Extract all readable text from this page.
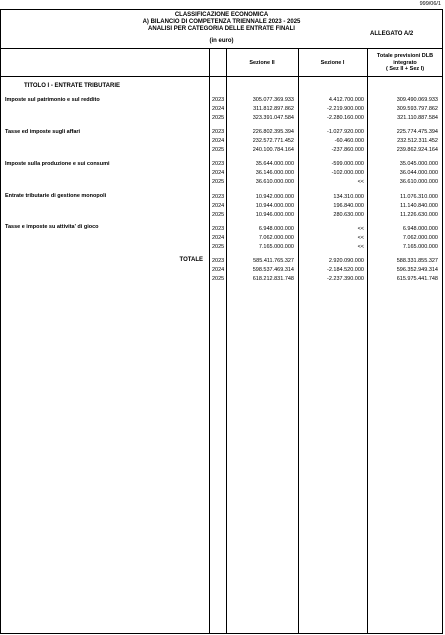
999/06/1
CLASSIFICAZIONE ECONOMICA
A) BILANCIO DI COMPETENZA TRIENNALE 2023 - 2025
ANALISI PER CATEGORIA DELLE ENTRATE FINALI
(in euro)
ALLEGATO A/2
Sezione II	Sezione I
Totale previsioni DLB
integrato
( Sez II + Sez I)
TITOLO I - ENTRATE TRIBUTARIE
Imposte sul patrimonio e sul reddito	2023	305.077.369.933	4.412.700.000	309.490.069.933
2024	311.812.897.862	-2.219.900.000	309.593.797.862
2025	323.391.047.584	-2.280.160.000	321.110.887.584
Tasse ed imposte sugli affari	2023	226.802.395.394	-1.027.920.000	225.774.475.394
2024	232.572.771.452	-60.460.000	232.512.311.452
2025	240.100.784.164	-237.860.000	239.862.924.164
Imposte sulla produzione e sui consumi	2023	35.644.000.000	-599.000.000	35.045.000.000
2024	36.146.000.000	-102.000.000	36.044.000.000
2025	36.610.000.000	<<	36.610.000.000
Entrate tributarie di gestione monopoli	2023	10.942.000.000	134.310.000	11.076.310.000
2024	10.944.000.000	196.840.000	11.140.840.000
2025	10.946.000.000	280.630.000	11.226.630.000
Tasse e imposte su attivita' di gioco	2023	6.948.000.000	<<	6.948.000.000
2024	7.062.000.000	<<	7.062.000.000
2025	7.165.000.000	<<	7.165.000.000
TOTALE 2023	585.411.765.327	2.920.090.000	588.331.855.327
2024	598.537.469.314	-2.184.520.000	596.352.949.314
2025	618.212.831.748	-2.237.390.000	615.975.441.748
